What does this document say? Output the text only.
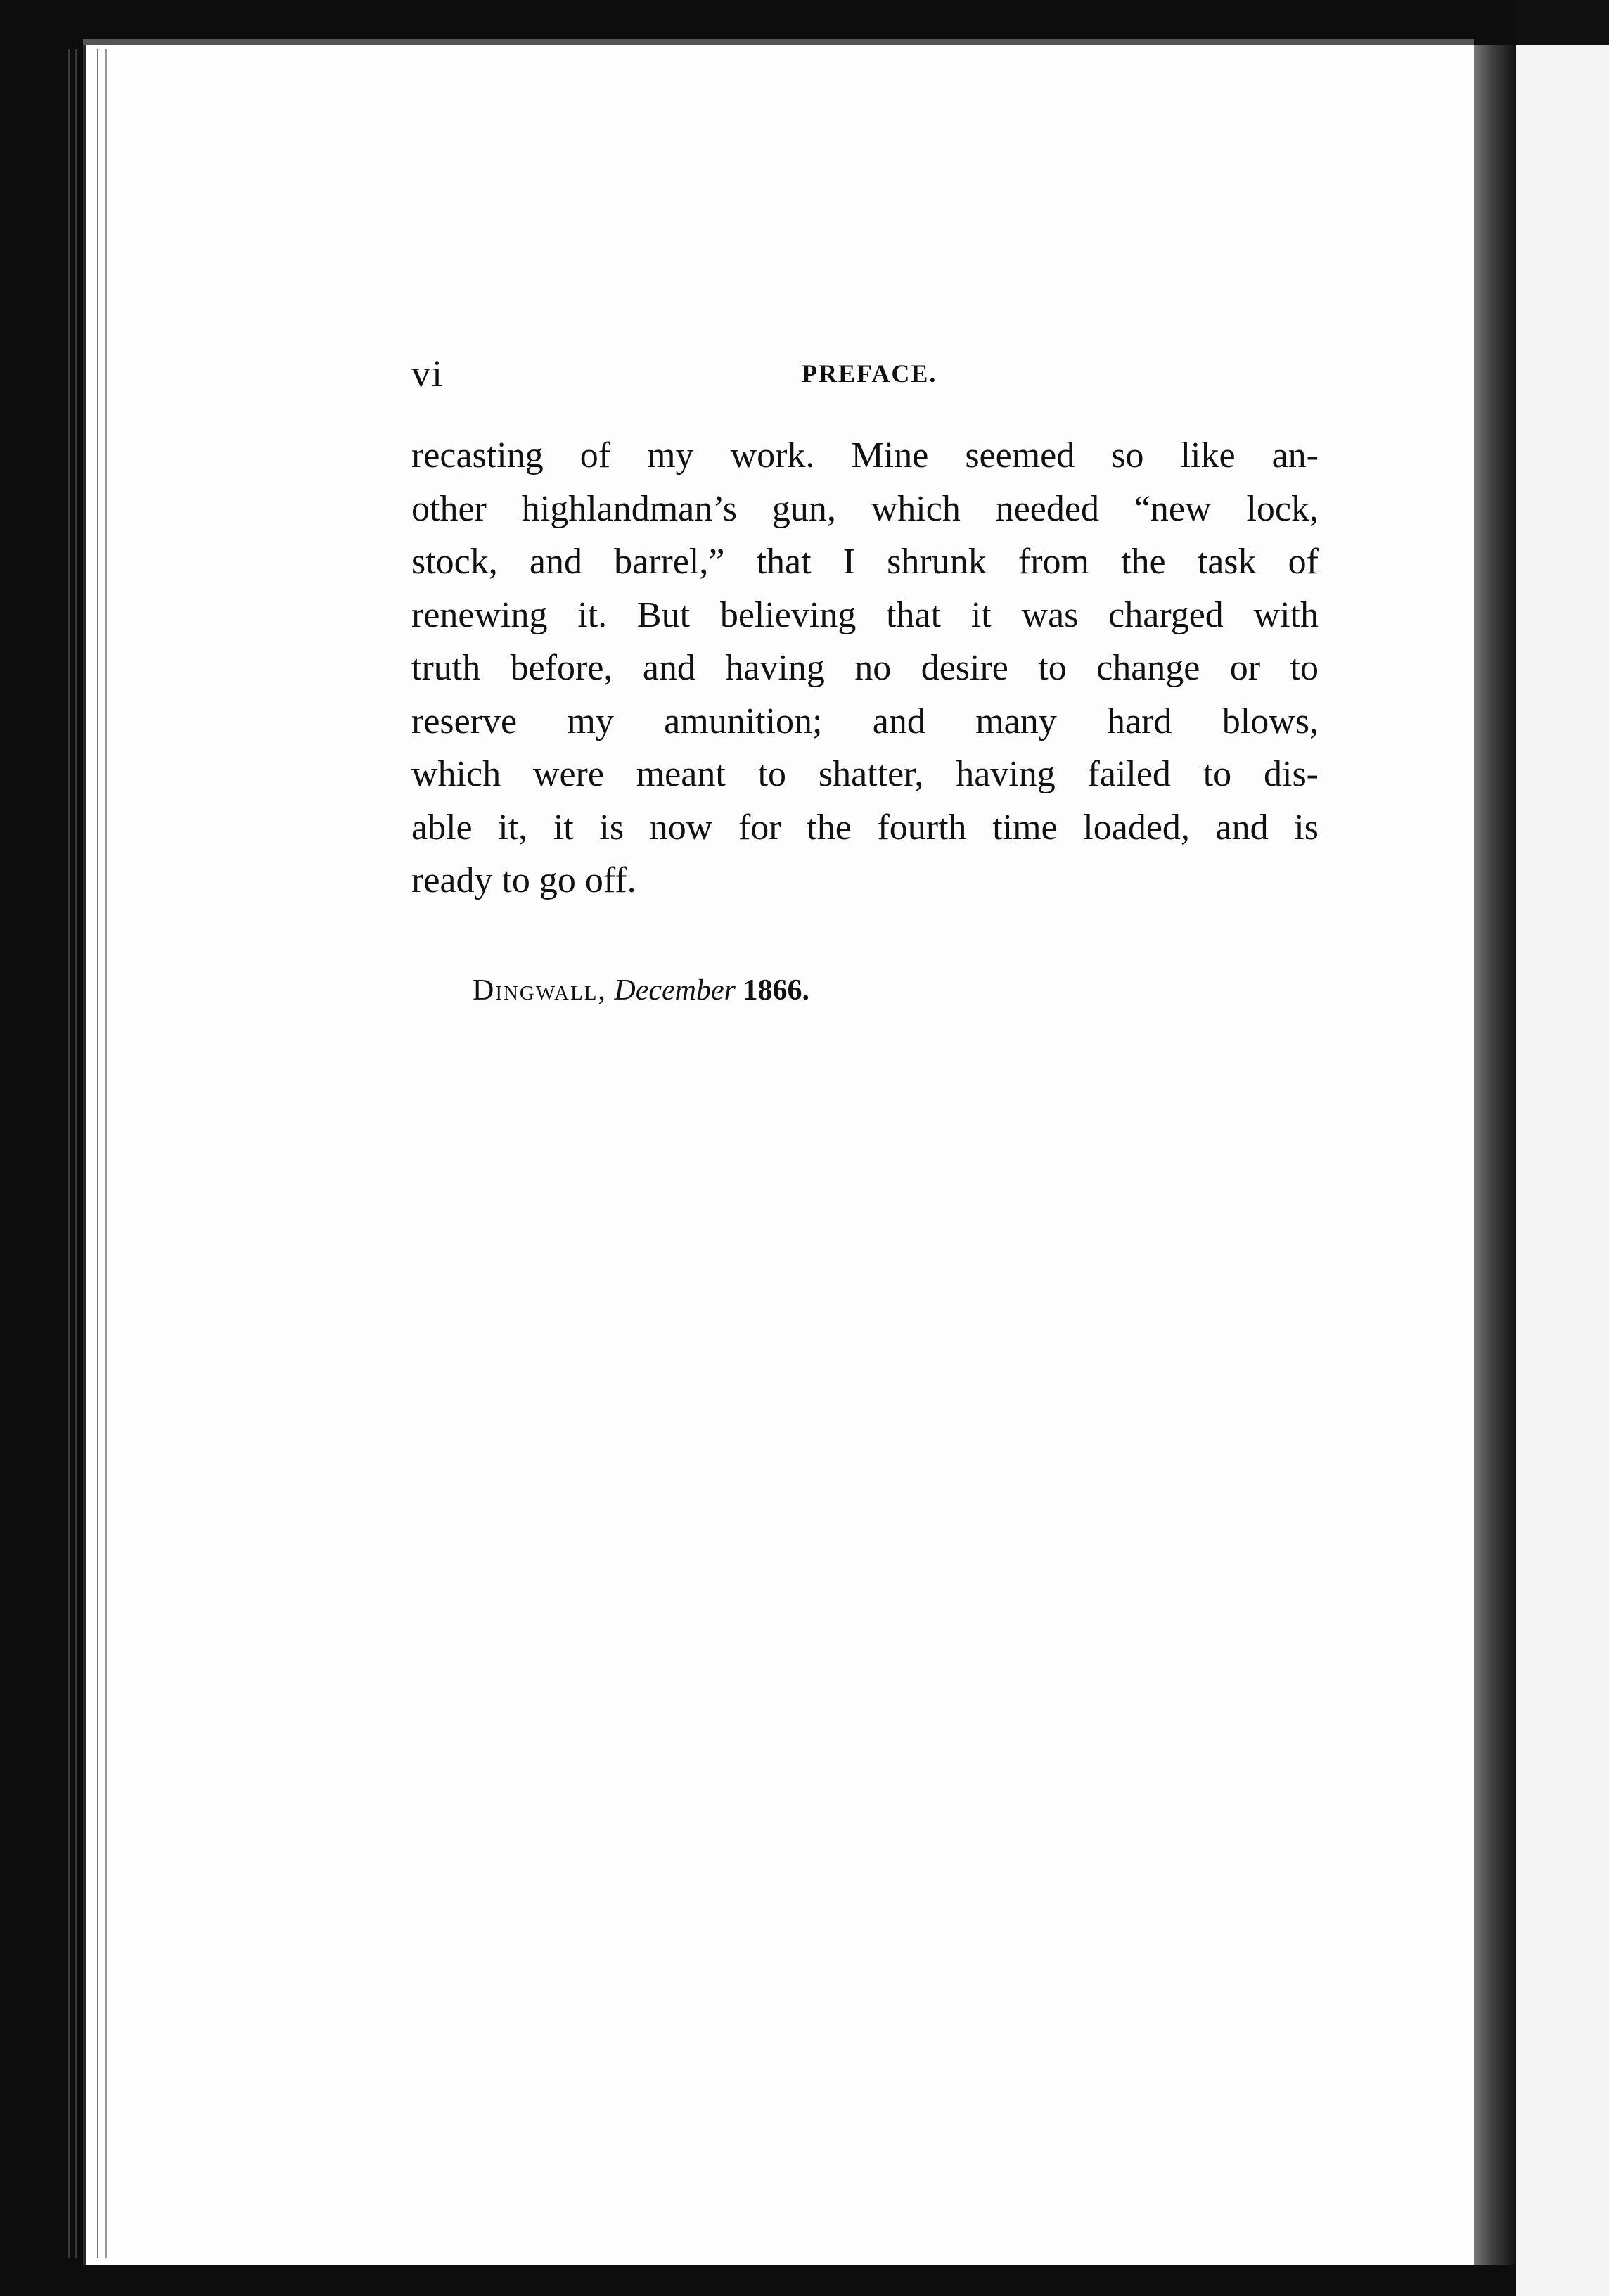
vi	PREFACE.
recasting of my work. Mine seemed so like an-
other highlandman’s gun, which needed “new lock,
stock, and barrel,” that I shrunk from the task of
renewing it. But believing that it was charged with
truth before, and having no desire to change or to
reserve my amunition; and many hard blows,
which were meant to shatter, having failed to dis-
able it, it is now for the fourth time loaded, and is
ready to go off.
Dingwall, December 1866.
